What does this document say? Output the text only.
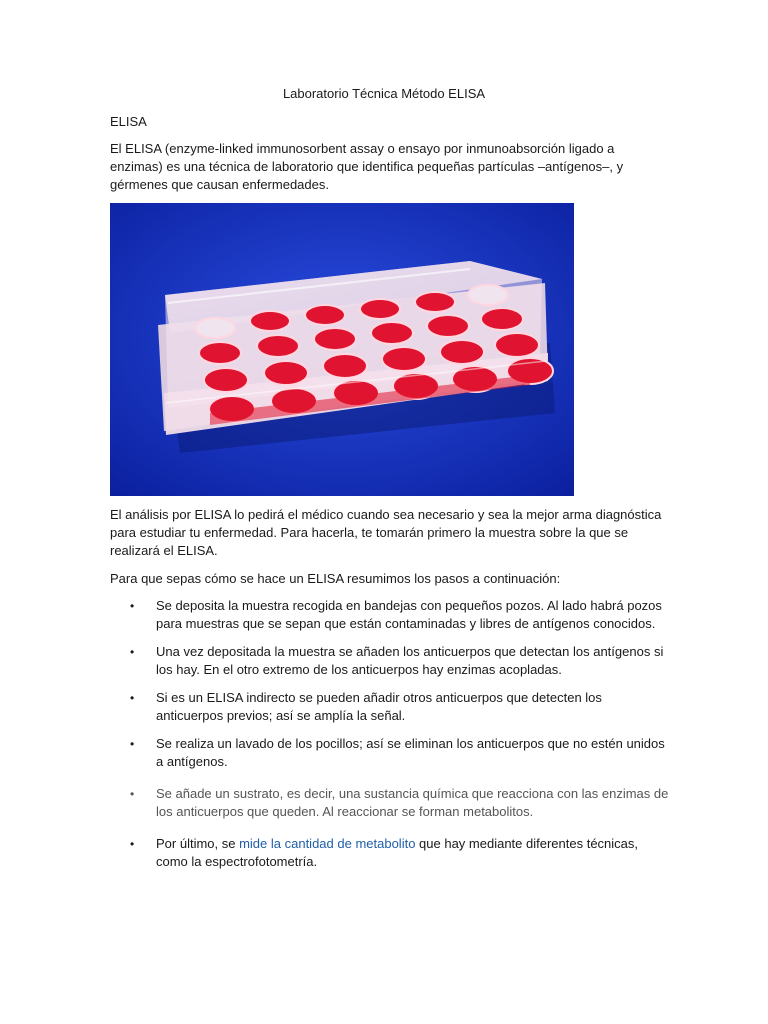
Laboratorio Técnica Método ELISA
ELISA

El ELISA (enzyme-linked immunosorbent assay o ensayo por inmunoabsorción ligado a enzimas) es una técnica de laboratorio que identifica pequeñas partículas –antígenos–, y gérmenes que causan enfermedades.

El análisis por ELISA lo pedirá el médico cuando sea necesario y sea la mejor arma diagnóstica para estudiar tu enfermedad. Para hacerla, te tomarán primero la muestra sobre la que se realizará el ELISA.

Para que sepas cómo se hace un ELISA resumimos los pasos a continuación:

• Se deposita la muestra recogida en bandejas con pequeños pozos. Al lado habrá pozos para muestras que se sepan que están contaminadas y libres de antígenos conocidos.
• Una vez depositada la muestra se añaden los anticuerpos que detectan los antígenos si los hay. En el otro extremo de los anticuerpos hay enzimas acopladas.
• Si es un ELISA indirecto se pueden añadir otros anticuerpos que detecten los anticuerpos previos; así se amplía la señal.
• Se realiza un lavado de los pocillos; así se eliminan los anticuerpos que no estén unidos a antígenos.
• Se añade un sustrato, es decir, una sustancia química que reacciona con las enzimas de los anticuerpos que queden. Al reaccionar se forman metabolitos.
• Por último, se mide la cantidad de metabolito que hay mediante diferentes técnicas, como la espectrofotometría.
